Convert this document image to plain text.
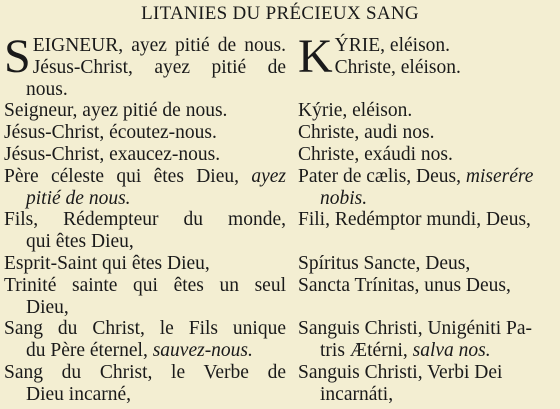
LITANIES DU PRÉCIEUX SANG
S EIGNEUR, ayez pitié de nous.
Jésus-Christ, ayez pitié de
nous.
Seigneur, ayez pitié de nous.
Jésus-Christ, écoutez-nous.
Jésus-Christ, exaucez-nous.
Père céleste qui êtes Dieu, ayez
pitié de nous.
Fils, Rédempteur du monde,
qui êtes Dieu,
Esprit-Saint qui êtes Dieu,
Trinité sainte qui êtes un seul
Dieu,
Sang du Christ, le Fils unique
du Père éternel, sauvez-nous.
Sang du Christ, le Verbe de
Dieu incarné,
K ÝRIE, eléison.
Christe, eléison.

Kýrie, eléison.
Christe, audi nos.
Christe, exáudi nos.
Pater de cælis, Deus, miserére
nobis.
Fili, Redémptor mundi, Deus,

Spíritus Sancte, Deus,
Sancta Trínitas, unus Deus,

Sanguis Christi, Unigéniti Pa-
tris Ætérni, salva nos.
Sanguis Christi, Verbi Dei
incarnáti,
